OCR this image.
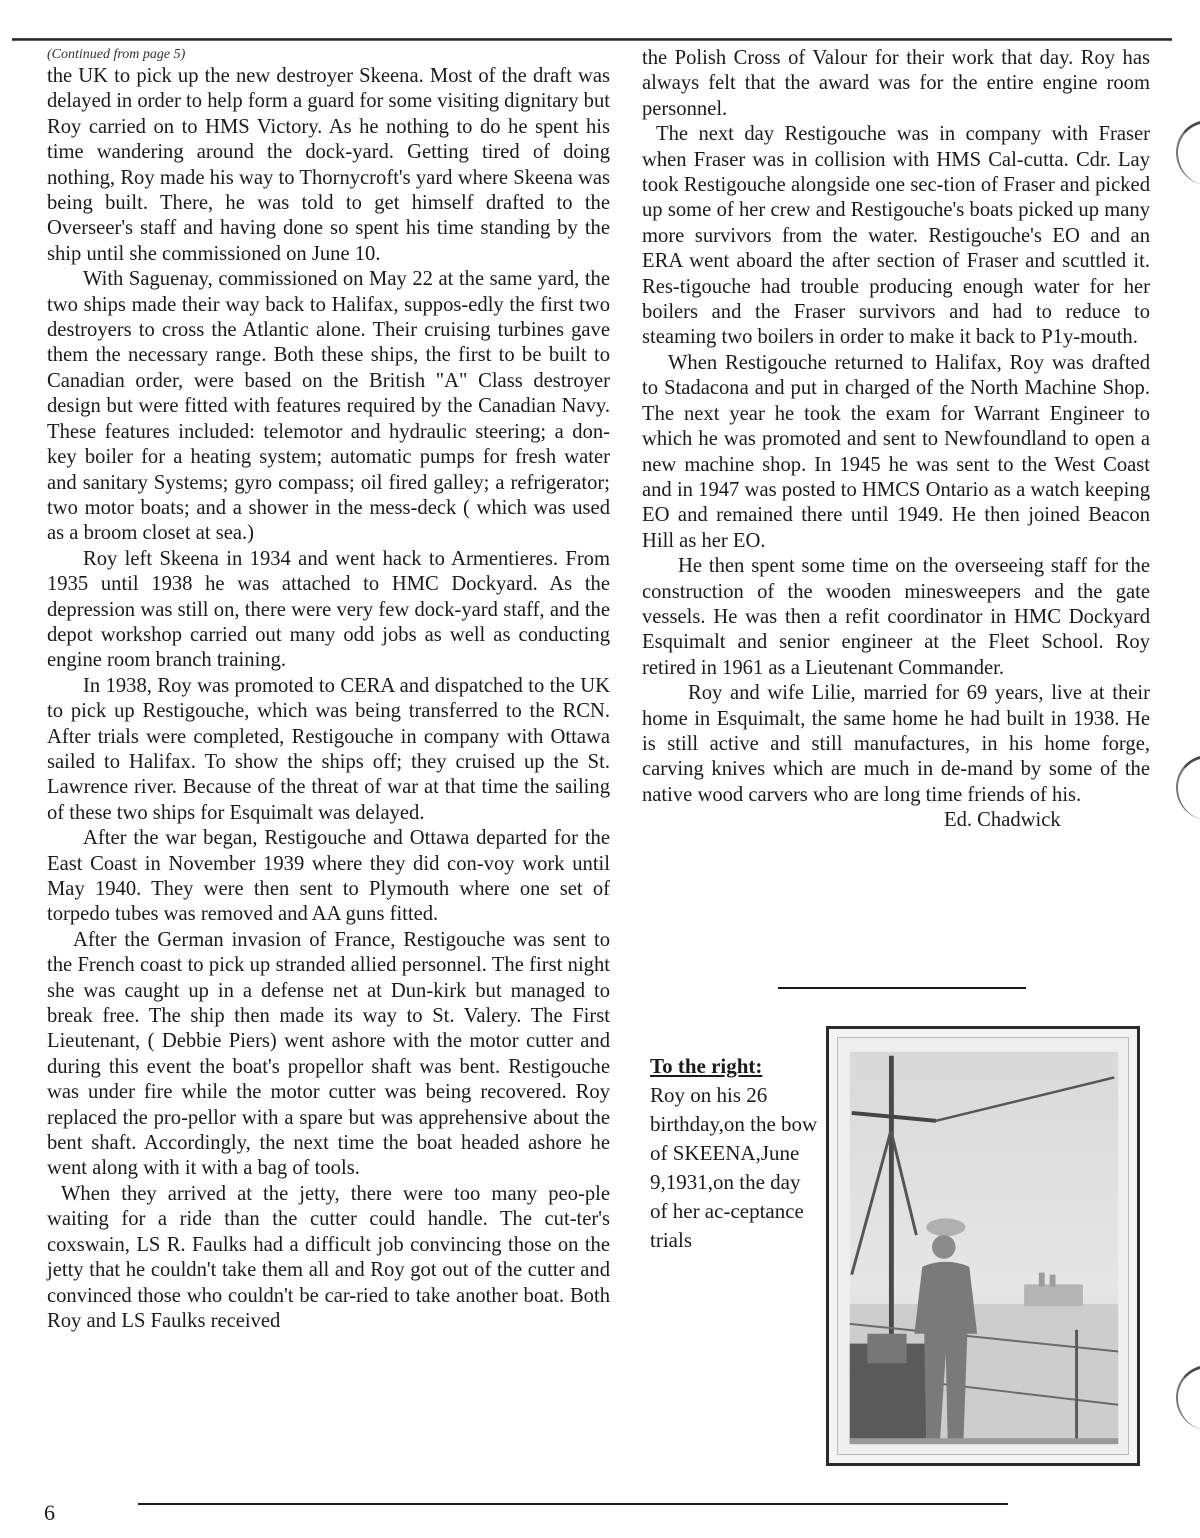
(Continued from page 5)

the UK to pick up the new destroyer Skeena. Most of the draft was delayed in order to help form a guard for some visiting dignitary but Roy carried on to HMS Victory. As he nothing to do he spent his time wandering around the dock-yard. Getting tired of doing nothing, Roy made his way to Thornycroft's yard where Skeena was being built. There, he was told to get himself drafted to the Overseer's staff and having done so spent his time standing by the ship until she commissioned on June 10.

With Saguenay, commissioned on May 22 at the same yard, the two ships made their way back to Halifax, suppos-edly the first two destroyers to cross the Atlantic alone. Their cruising turbines gave them the necessary range. Both these ships, the first to be built to Canadian order, were based on the British "A" Class destroyer design but were fitted with features required by the Canadian Navy. These features included: telemotor and hydraulic steering; a don-key boiler for a heating system; automatic pumps for fresh water and sanitary Systems; gyro compass; oil fired galley; a refrigerator; two motor boats; and a shower in the mess-deck ( which was used as a broom closet at sea.)

Roy left Skeena in 1934 and went hack to Armentieres. From 1935 until 1938 he was attached to HMC Dockyard. As the depression was still on, there were very few dock-yard staff, and the depot workshop carried out many odd jobs as well as conducting engine room branch training.

In 1938, Roy was promoted to CERA and dispatched to the UK to pick up Restigouche, which was being transferred to the RCN. After trials were completed, Restigouche in company with Ottawa sailed to Halifax. To show the ships off; they cruised up the St. Lawrence river. Because of the threat of war at that time the sailing of these two ships for Esquimalt was delayed.

After the war began, Restigouche and Ottawa departed for the East Coast in November 1939 where they did con-voy work until May 1940. They were then sent to Plymouth where one set of torpedo tubes was removed and AA guns fitted.

After the German invasion of France, Restigouche was sent to the French coast to pick up stranded allied personnel. The first night she was caught up in a defense net at Dun-kirk but managed to break free. The ship then made its way to St. Valery. The First Lieutenant, ( Debbie Piers) went ashore with the motor cutter and during this event the boat's propellor shaft was bent. Restigouche was under fire while the motor cutter was being recovered. Roy replaced the pro-pellor with a spare but was apprehensive about the bent shaft. Accordingly, the next time the boat headed ashore he went along with it with a bag of tools.

When they arrived at the jetty, there were too many peo-ple waiting for a ride than the cutter could handle. The cut-ter's coxswain, LS R. Faulks had a difficult job convincing those on the jetty that he couldn't take them all and Roy got out of the cutter and convinced those who couldn't be car-ried to take another boat. Both Roy and LS Faulks received

the Polish Cross of Valour for their work that day. Roy has always felt that the award was for the entire engine room personnel.

The next day Restigouche was in company with Fraser when Fraser was in collision with HMS Cal-cutta. Cdr. Lay took Restigouche alongside one sec-tion of Fraser and picked up some of her crew and Restigouche's boats picked up many more survivors from the water. Restigouche's EO and an ERA went aboard the after section of Fraser and scuttled it. Res-tigouche had trouble producing enough water for her boilers and the Fraser survivors and had to reduce to steaming two boilers in order to make it back to P1y-mouth.

When Restigouche returned to Halifax, Roy was drafted to Stadacona and put in charged of the North Machine Shop. The next year he took the exam for Warrant Engineer to which he was promoted and sent to Newfoundland to open a new machine shop. In 1945 he was sent to the West Coast and in 1947 was posted to HMCS Ontario as a watch keeping EO and remained there until 1949. He then joined Beacon Hill as her EO.

He then spent some time on the overseeing staff for the construction of the wooden minesweepers and the gate vessels. He was then a refit coordinator in HMC Dockyard Esquimalt and senior engineer at the Fleet School. Roy retired in 1961 as a Lieutenant Commander.

Roy and wife Lilie, married for 69 years, live at their home in Esquimalt, the same home he had built in 1938. He is still active and still manufactures, in his home forge, carving knives which are much in de-mand by some of the native wood carvers who are long time friends of his.

Ed. Chadwick

To the right:
Roy on his 26 birthday,on the bow of SKEENA,June 9,1931,on the day of her ac-ceptance trials
6
